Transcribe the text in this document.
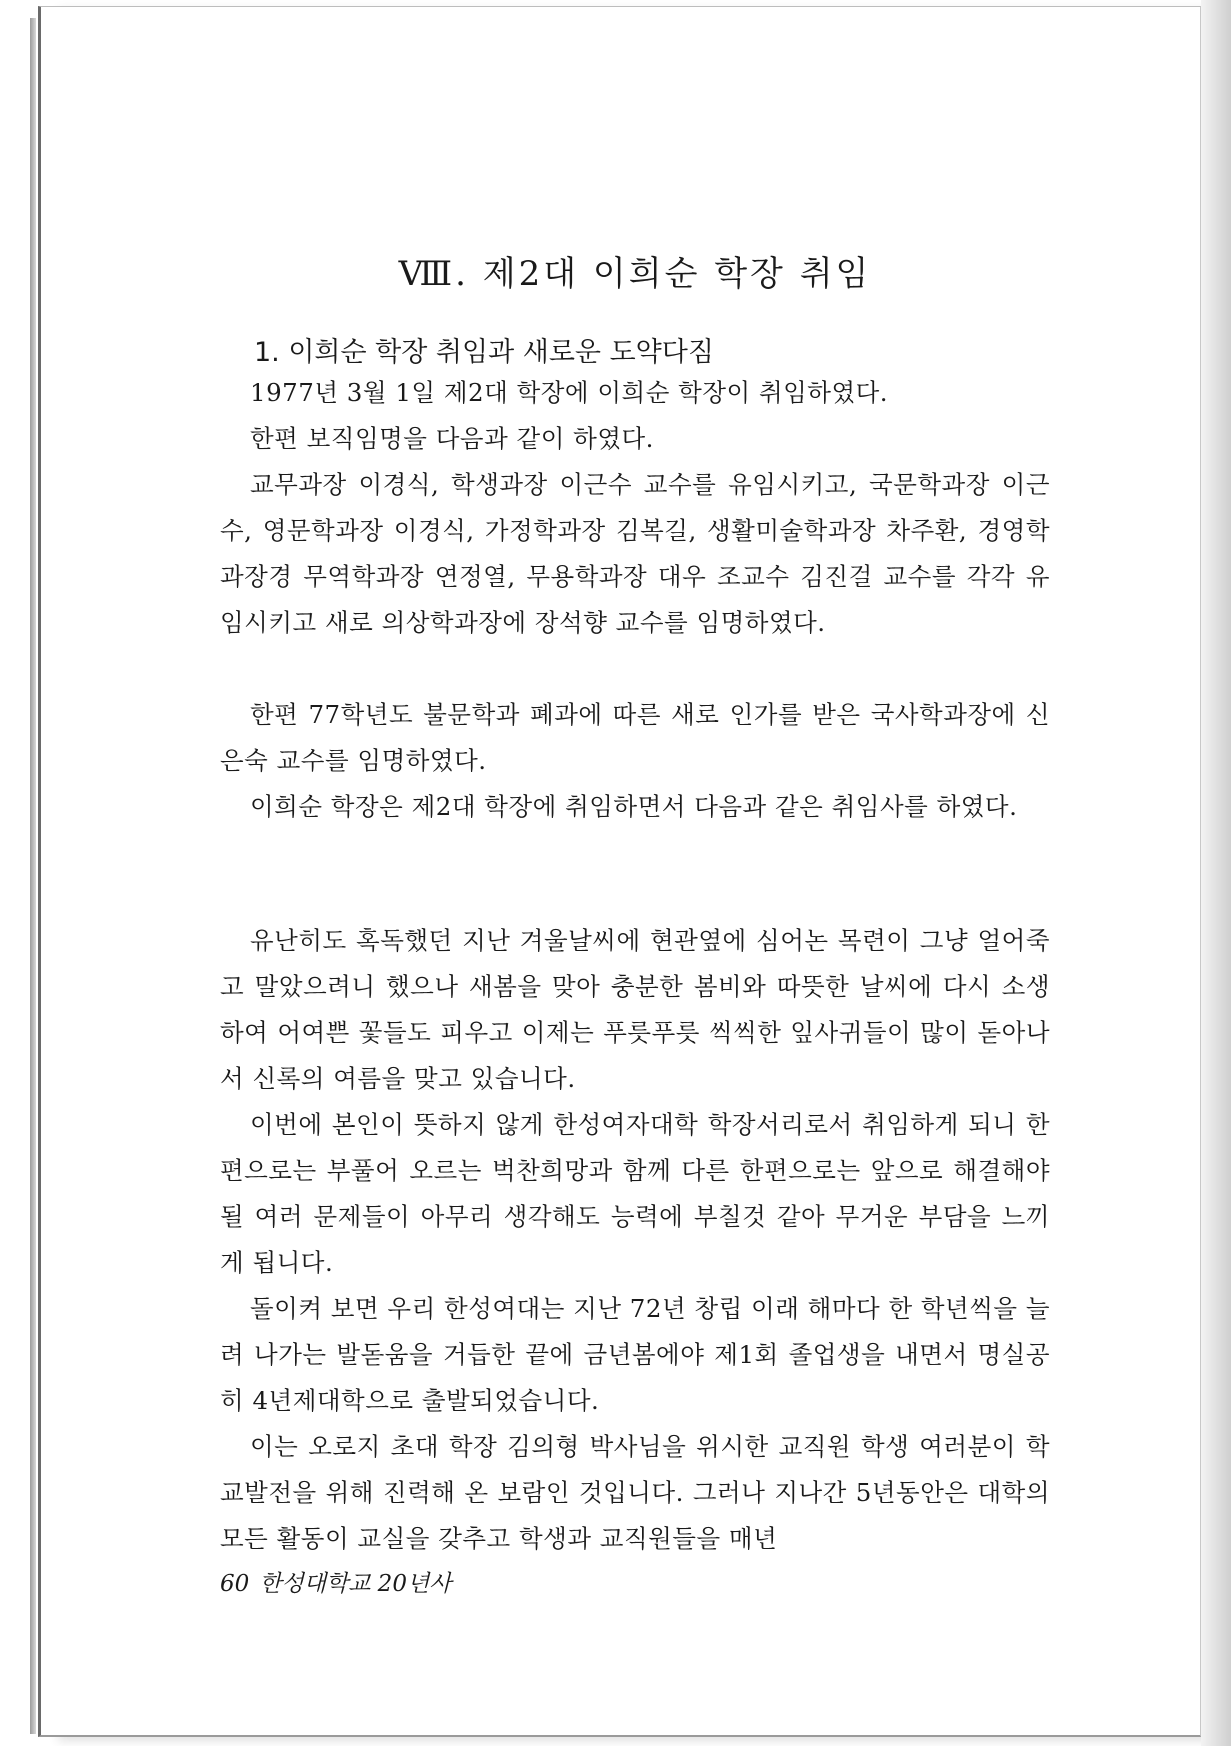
Ⅷ. 제2대 이희순 학장 취임
1. 이희순 학장 취임과 새로운 도약다짐

1977년 3월 1일 제2대 학장에 이희순 학장이 취임하였다.

한편 보직임명을 다음과 같이 하였다.

교무과장 이경식, 학생과장 이근수 교수를 유임시키고, 국문학과장 이근수, 영문학과장 이경식, 가정학과장 김복길, 생활미술학과장 차주환, 경영학과장경 무역학과장 연정열, 무용학과장 대우 조교수 김진걸 교수를 각각 유임시키고 새로 의상학과장에 장석향 교수를 임명하였다.

한편 77학년도 불문학과 폐과에 따른 새로 인가를 받은 국사학과장에 신은숙 교수를 임명하였다.

이희순 학장은 제2대 학장에 취임하면서 다음과 같은 취임사를 하였다.

유난히도 혹독했던 지난 겨울날씨에 현관옆에 심어논 목련이 그냥 얼어죽고 말았으려니 했으나 새봄을 맞아 충분한 봄비와 따뜻한 날씨에 다시 소생하여 어여쁜 꽃들도 피우고 이제는 푸릇푸릇 씩씩한 잎사귀들이 많이 돋아나서 신록의 여름을 맞고 있습니다.

이번에 본인이 뜻하지 않게 한성여자대학 학장서리로서 취임하게 되니 한편으로는 부풀어 오르는 벅찬희망과 함께 다른 한편으로는 앞으로 해결해야 될 여러 문제들이 아무리 생각해도 능력에 부칠것 같아 무거운 부담을 느끼게 됩니다.

돌이켜 보면 우리 한성여대는 지난 72년 창립 이래 해마다 한 학년씩을 늘려 나가는 발돋움을 거듭한 끝에 금년봄에야 제1회 졸업생을 내면서 명실공히 4년제대학으로 출발되었습니다.

이는 오로지 초대 학장 김의형 박사님을 위시한 교직원 학생 여러분이 학교발전을 위해 진력해 온 보람인 것입니다. 그러나 지나간 5년동안은 대학의 모든 활동이 교실을 갖추고 학생과 교직원들을 매년

60 한성대학교 20년사
